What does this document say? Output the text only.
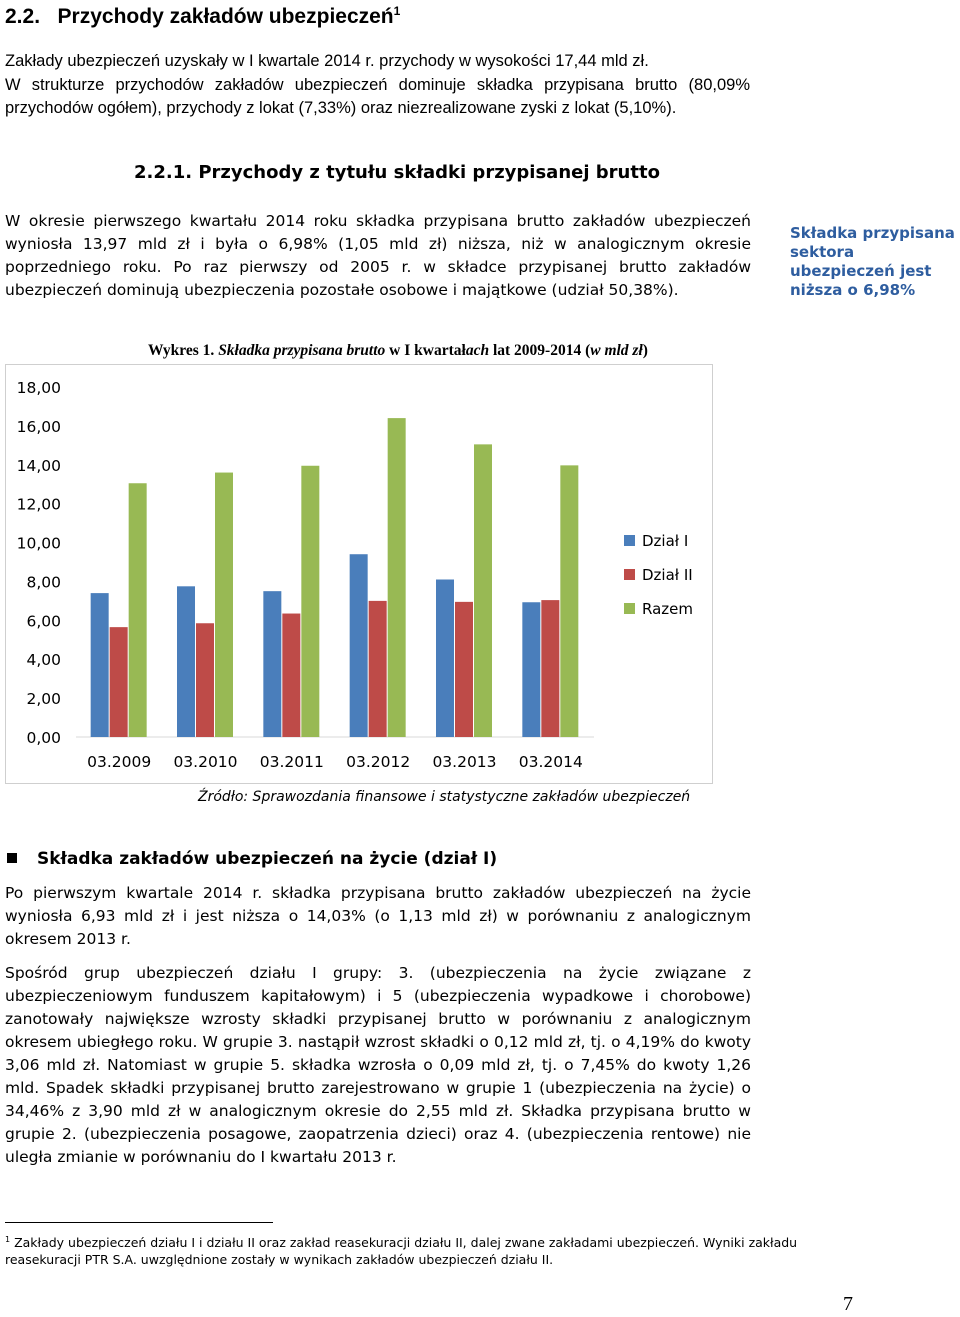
2.2. Przychody zakładów ubezpieczeń$^1$
Zakłady ubezpieczeń uzyskały w I kwartale 2014 r. przychody w wysokości 17,44 mld zł.
W strukturze przychodów zakładów ubezpieczeń dominuje składka przypisana brutto (80,09% przychodów ogółem), przychody z lokat (7,33%) oraz niezrealizowane zyski z lokat (5,10%).
2.2.1. Przychody z tytułu składki przypisanej brutto
W okresie pierwszego kwartału 2014 roku składka przypisana brutto zakładów ubezpieczeń wyniosła 13,97 mld zł i była o 6,98% (1,05 mld zł) niższa, niż w analogicznym okresie poprzedniego roku. Po raz pierwszy od 2005 r. w składce przypisanej brutto zakładów ubezpieczeń dominują ubezpieczenia pozostałe osobowe i majątkowe (udział 50,38%).
Składka przypisana sektora ubezpieczeń jest niższa o 6,98%
Wykres 1. Składka przypisana brutto w I kwartałach lat 2009-2014 (w mld zł)
0,00
2,00
4,00
6,00
8,00
10,00
12,00
14,00
16,00
18,00
03.2009 03.2010 03.2011 03.2012 03.2013 03.2014
Dział I
Dział II
Razem
Źródło: Sprawozdania finansowe i statystyczne zakładów ubezpieczeń
Składka zakładów ubezpieczeń na życie (dział I)
Po pierwszym kwartale 2014 r. składka przypisana brutto zakładów ubezpieczeń na życie wyniosła 6,93 mld zł i jest niższa o 14,03% (o 1,13 mld zł) w porównaniu z analogicznym okresem 2013 r.
Spośród grup ubezpieczeń działu I grupy: 3. (ubezpieczenia na życie związane z ubezpieczeniowym funduszem kapitałowym) i 5 (ubezpieczenia wypadkowe i chorobowe) zanotowały największe wzrosty składki przypisanej brutto w porównaniu z analogicznym okresem ubiegłego roku. W grupie 3. nastąpił wzrost składki o 0,12 mld zł, tj. o 4,19% do kwoty 3,06 mld zł. Natomiast w grupie 5. składka wzrosła o 0,09 mld zł, tj. o 7,45% do kwoty 1,26 mld. Spadek składki przypisanej brutto zarejestrowano w grupie 1 (ubezpieczenia na życie) o 34,46% z 3,90 mld zł w analogicznym okresie do 2,55 mld zł. Składka przypisana brutto w grupie 2. (ubezpieczenia posagowe, zaopatrzenia dzieci) oraz 4. (ubezpieczenia rentowe) nie uległa zmianie w porównaniu do I kwartału 2013 r.
$^1$ Zakłady ubezpieczeń działu I i działu II oraz zakład reasekuracji działu II, dalej zwane zakładami ubezpieczeń. Wyniki zakładu reasekuracji PTR S.A. uwzględnione zostały w wynikach zakładów ubezpieczeń działu II.
7
